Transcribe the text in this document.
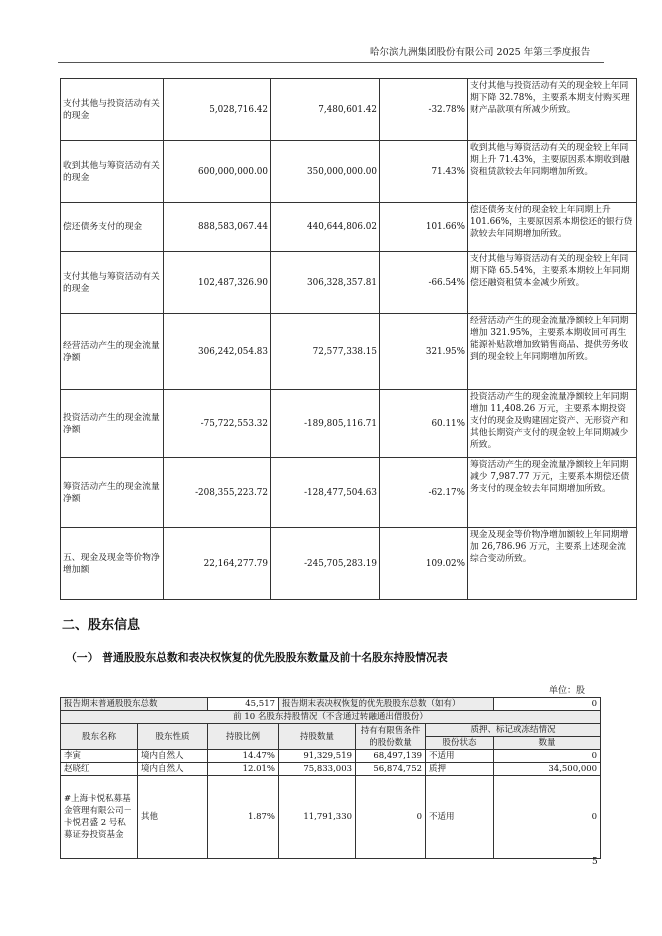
哈尔滨九洲集团股份有限公司 2025 年第三季度报告
支付其他与投资活动有关的现金	5,028,716.42	7,480,601.42	-32.78%	支付其他与投资活动有关的现金较上年同期下降 32.78%，主要系本期支付购买理财产品款项有所减少所致。
收到其他与筹资活动有关的现金	600,000,000.00	350,000,000.00	71.43%	收到其他与筹资活动有关的现金较上年同期上升 71.43%，主要原因系本期收到融资租赁款较去年同期增加所致。
偿还债务支付的现金	888,583,067.44	440,644,806.02	101.66%	偿还债务支付的现金较上年同期上升 101.66%，主要原因系本期偿还的银行贷款较去年同期增加所致。
支付其他与筹资活动有关的现金	102,487,326.90	306,328,357.81	-66.54%	支付其他与筹资活动有关的现金较上年同期下降 65.54%，主要系本期较上年同期偿还融资租赁本金减少所致。
经营活动产生的现金流量净额	306,242,054.83	72,577,338.15	321.95%	经营活动产生的现金流量净额较上年同期增加 321.95%，主要系本期收回可再生能源补贴款增加致销售商品、提供劳务收到的现金较上年同期增加所致。
投资活动产生的现金流量净额	-75,722,553.32	-189,805,116.71	60.11%	投资活动产生的现金流量净额较上年同期增加 11,408.26 万元，主要系本期投资支付的现金及购建固定资产、无形资产和其他长期资产支付的现金较上年同期减少所致。
筹资活动产生的现金流量净额	-208,355,223.72	-128,477,504.63	-62.17%	筹资活动产生的现金流量净额较上年同期减少 7,987.77 万元，主要系本期偿还债务支付的现金较去年同期增加所致。
五、现金及现金等价物净增加额	22,164,277.79	-245,705,283.19	109.02%	现金及现金等价物净增加额较上年同期增加 26,786.96 万元，主要系上述现金流综合变动所致。
二、股东信息
（一） 普通股股东总数和表决权恢复的优先股股东数量及前十名股东持股情况表
单位：股
报告期末普通股股东总数		45,517	报告期末表决权恢复的优先股股东总数（如有）			0
前 10 名股东持股情况（不含通过转融通出借股份）						
股东名称	股东性质	持股比例	持股数量	持有有限售条件的股份数量	质押、标记或冻结情况	
					股份状态	数量
李寅	境内自然人	14.47%	91,329,519	68,497,139	不适用	0
赵晓红	境内自然人	12.01%	75,833,003	56,874,752	质押	34,500,000
#上海卡悦私募基金管理有限公司－卡悦君盛 2 号私募证券投资基金	其他	1.87%	11,791,330	0	不适用	0
5
